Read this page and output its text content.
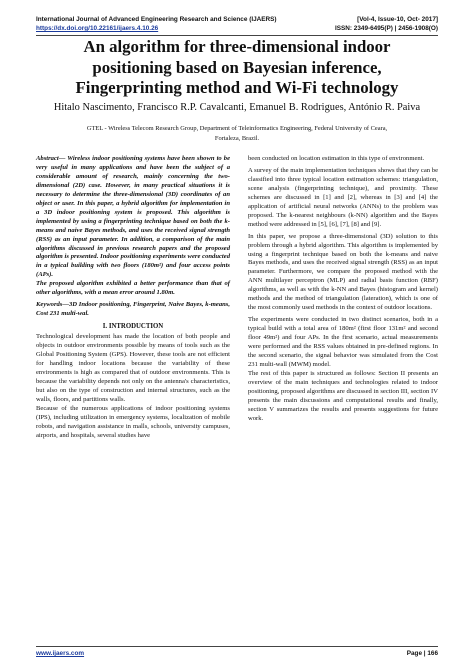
International Journal of Advanced Engineering Research and Science (IJAERS)	[Vol-4, Issue-10, Oct- 2017]
https://dx.doi.org/10.22161/ijaers.4.10.26	ISSN: 2349-6495(P) | 2456-1908(O)
An algorithm for three-dimensional indoor
positioning based on Bayesian inference,
Fingerprinting method and Wi-Fi technology
Hitalo Nascimento, Francisco R.P. Cavalcanti, Emanuel B. Rodrigues, António R. Paiva
GTEL - Wireless Telecom Research Group, Department of Teleinformatics Engineering, Federal University of Ceara,
Fortaleza, Brazil.

Abstract— Wireless indoor positioning systems have been shown to be very useful in many applications and have been the subject of a considerable amount of research, mainly concerning the two-dimensional (2D) case. However, in many practical situations it is necessary to determine the three-dimensional (3D) coordinates of an object or user. In this paper, a hybrid algorithm for implementation in a 3D indoor positioning system is proposed. This algorithm is implemented by using a fingerprinting technique based on both the k-means and naive Bayes methods, and uses the received signal strength (RSS) as an input parameter. In addition, a comparison of the main algorithms discussed in previous research papers and the proposed algorithm is presented. Indoor positioning experiments were conducted in a typical building with two floors (180m²) and four access points (APs).

The proposed algorithm exhibited a better performance than that of other algorithms, with a mean error around 1.80m.

Keywords—3D Indoor positioning, Fingerprint, Naive Bayes, k-means, Cost 231 multi-wal.

I. INTRODUCTION

Technological development has made the location of both people and objects in outdoor environments possible by means of tools such as the Global Positioning System (GPS). However, these tools are not efficient for handling indoor locations because the variability of these environments is high as compared that of outdoor environments. This is because the variability depends not only on the antenna's characteristics, but also on the type of construction and internal structures, such as the walls, floors, and partitions walls.

Because of the numerous applications of indoor positioning systems (IPS), including utilization in emergency systems, localization of mobile robots, and navigation assistance in malls, schools, university campuses, airports, and hospitals, several studies have

been conducted on location estimation in this type of environment.

A survey of the main implementation techniques shows that they can be classified into three typical location estimation schemes: triangulation, scene analysis (fingerprinting technique), and proximity. These schemes are discussed in [1] and [2], whereas in [3] and [4] the application of artificial neural networks (ANNs) to the problem was proposed. The k-nearest neighbours (k-NN) algorithm and the Bayes method were addressed in [5], [6], [7], [8] and [9].

In this paper, we propose a three-dimensional (3D) solution to this problem through a hybrid algorithm. This algorithm is implemented by using a fingerprint technique based on both the k-means and naive Bayes methods, and uses the received signal strength (RSS) as an input parameter. Furthermore, we compare the proposed method with the ANN multilayer perceptron (MLP) and radial basis function (RBF) algorithms, as well as with the k-NN and Bayes (histogram and kernel) methods and the method of triangulation (lateration), which is one of the most commonly used methods in the context of outdoor locations.

The experiments were conducted in two distinct scenarios, both in a typical build with a total area of 180m² (first floor 131m² and second floor 49m²) and four APs. In the first scenario, actual measurements were performed and the RSS values obtained in pre-defined regions. In the second scenario, the signal behavior was simulated from the Cost 231 multi-wall (MWM) model.

The rest of this paper is structured as follows: Section II presents an overview of the main techniques and technologies related to indoor positioning, proposed algorithms are discussed in section III, section IV presents the main discussions and computational results and finally, section V summarizes the results and presents suggestions for future work.

www.ijaers.com	Page | 166
